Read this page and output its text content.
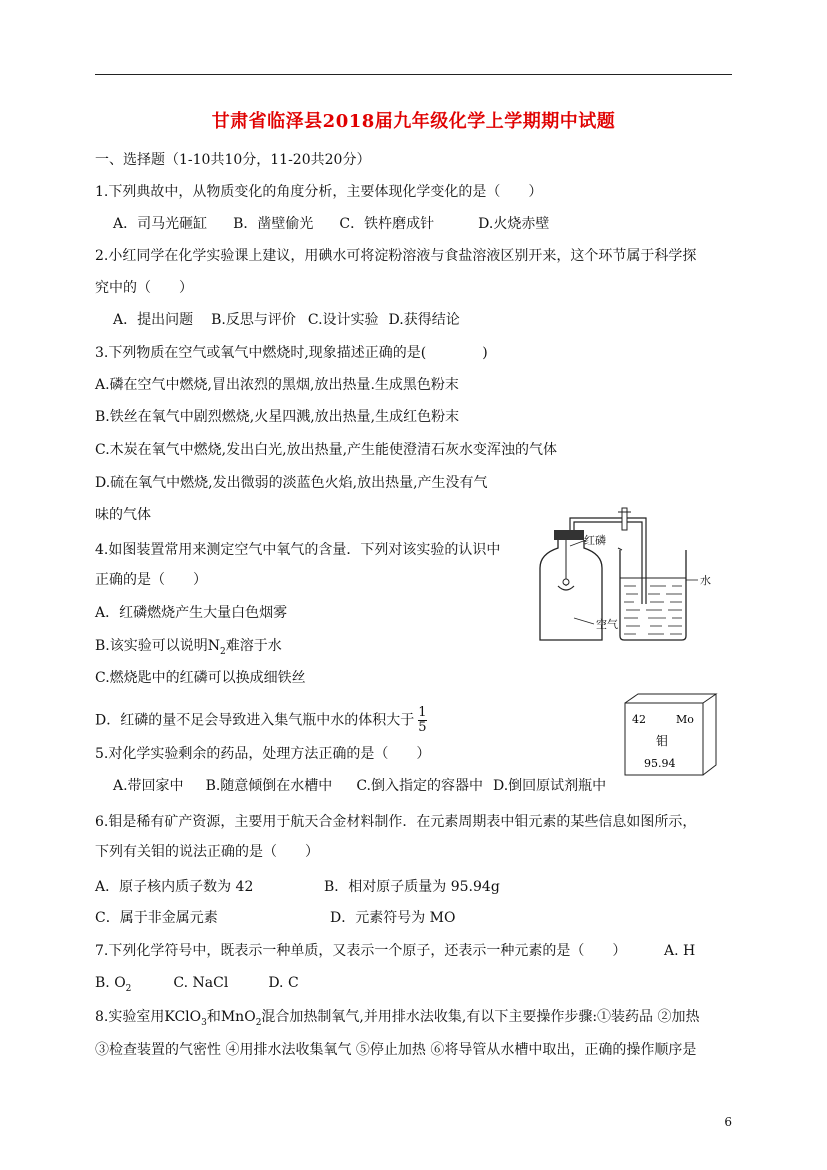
甘肃省临泽县2018届九年级化学上学期期中试题
一、选择题（1-10共10分，11-20共20分）
1.下列典故中，从物质变化的角度分析，主要体现化学变化的是（　　）
A．司马光砸缸 B．凿壁偷光 C．铁杵磨成针	D.火烧赤壁
2.小红同学在化学实验课上建议，用碘水可将淀粉溶液与食盐溶液区别开来，这个环节属于科学探
究中的（　　）
A．提出问题 B.反思与评价 C.设计实验 D.获得结论
3.下列物质在空气或氧气中燃烧时,现象描述正确的是(　　　　)
A.磷在空气中燃烧,冒出浓烈的黑烟,放出热量.生成黑色粉末
B.铁丝在氧气中剧烈燃烧,火星四溅,放出热量,生成红色粉末
C.木炭在氧气中燃烧,发出白光,放出热量,产生能使澄清石灰水变浑浊的气体
D.硫在氧气中燃烧,发出微弱的淡蓝色火焰,放出热量,产生没有气
味的气体
4.如图装置常用来测定空气中氧气的含量．下列对该实验的认识中
正确的是（　　）
A．红磷燃烧产生大量白色烟雾
B.该实验可以说明$N_2$难溶于水
C.燃烧匙中的红磷可以换成细铁丝
D．红磷的量不足会导致进入集气瓶中水的体积大于 $\frac{1}{5}$
红磷
水
空气
5.对化学实验剩余的药品，处理方法正确的是（　　）
A.带回家中 B.随意倾倒在水槽中 C.倒入指定的容器中 D.倒回原试剂瓶中
42	Mo
钼
95.94
6.钼是稀有矿产资源，主要用于航天合金材料制作．在元素周期表中钼元素的某些信息如图所示，
下列有关钼的说法正确的是（　　）
A．原子核内质子数为 42	B．相对原子质量为 95.94g
C．属于非金属元素	D．元素符号为 MO
7.下列化学符号中，既表示一种单质，又表示一个原子，还表示一种元素的是（　　）	A. H
B. $O_2$	C. NaCl	D. C
8.实验室用KClO$_3$和MnO$_2$混合加热制氧气,并用排水法收集,有以下主要操作步骤:①装药品 ②加热
③检查装置的气密性 ④用排水法收集氧气 ⑤停止加热 ⑥将导管从水槽中取出，正确的操作顺序是
6
